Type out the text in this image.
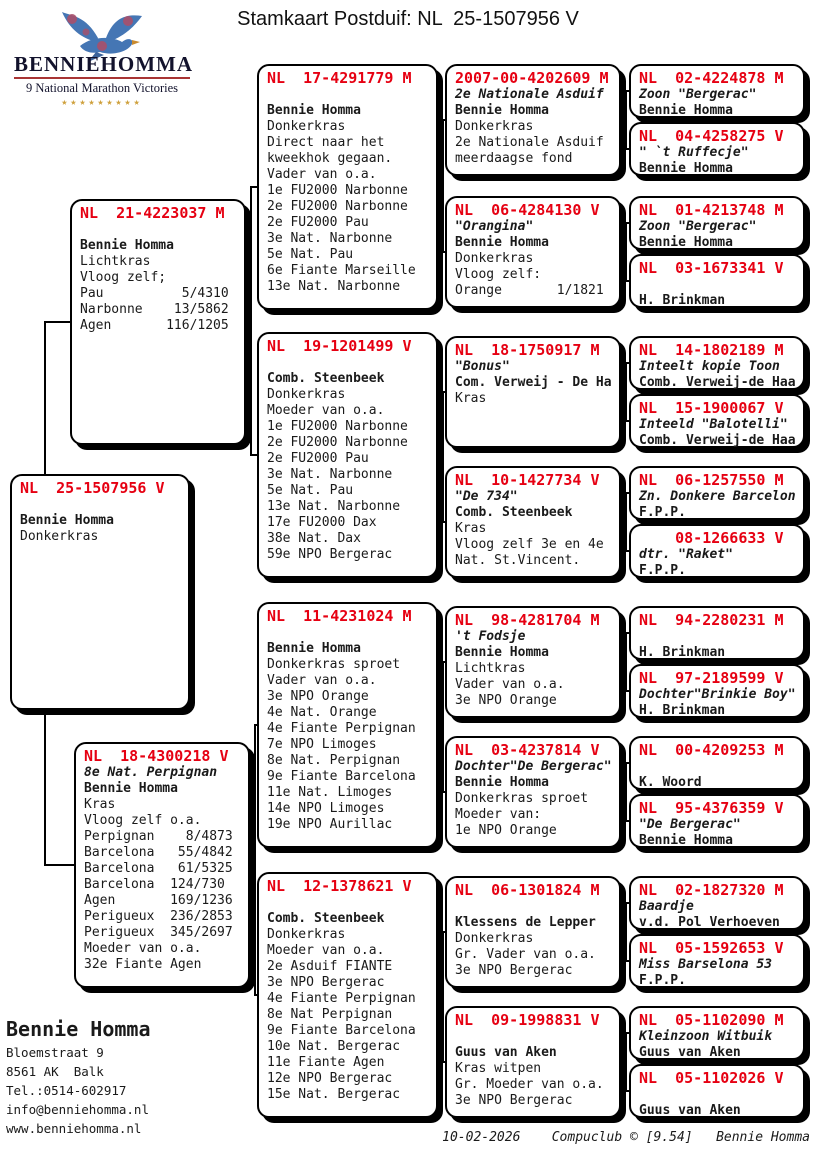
BENNIE HOMMA
9 National Marathon Victories
★★★★★★★★★
Stamkaart Postduif: NL  25-1507956 V
Bennie Homma
Bloemstraat 9
8561 AK  Balk
Tel.:0514-602917
info@benniehomma.nl
www.benniehomma.nl
10-02-2026    Compuclub © [9.54]   Bennie Homma
NL  25-1507956 V
Bennie Homma
Donkerkras
NL  21-4223037 M
Bennie Homma
Lichtkras
Vloog zelf;
Pau          5/4310
Narbonne    13/5862
Agen       116/1205
NL  18-4300218 V
8e Nat. Perpignan
Bennie Homma
Kras
Vloog zelf o.a.
Perpignan    8/4873
Barcelona   55/4842
Barcelona   61/5325
Barcelona  124/730
Agen       169/1236
Perigueux  236/2853
Perigueux  345/2697
Moeder van o.a.
32e Fiante Agen
NL  17-4291779 M
Bennie Homma
Donkerkras
Direct naar het
kweekhok gegaan.
Vader van o.a.
1e FU2000 Narbonne
2e FU2000 Narbonne
2e FU2000 Pau
3e Nat. Narbonne
5e Nat. Pau
6e Fiante Marseille
13e Nat. Narbonne
NL  19-1201499 V
Comb. Steenbeek
Donkerkras
Moeder van o.a.
1e FU2000 Narbonne
2e FU2000 Narbonne
2e FU2000 Pau
3e Nat. Narbonne
5e Nat. Pau
13e Nat. Narbonne
17e FU2000 Dax
38e Nat. Dax
59e NPO Bergerac
NL  11-4231024 M
Bennie Homma
Donkerkras sproet
Vader van o.a.
3e NPO Orange
4e Nat. Orange
4e Fiante Perpignan
7e NPO Limoges
8e Nat. Perpignan
9e Fiante Barcelona
11e Nat. Limoges
14e NPO Limoges
19e NPO Aurillac
NL  12-1378621 V
Comb. Steenbeek
Donkerkras
Moeder van o.a.
2e Asduif FIANTE
3e NPO Bergerac
4e Fiante Perpignan
8e Nat Perpignan
9e Fiante Barcelona
10e Nat. Bergerac
11e Fiante Agen
12e NPO Bergerac
15e Nat. Bergerac
2007-00-4202609 M
2e Nationale Asduif
Bennie Homma
Donkerkras
2e Nationale Asduif
meerdaagse fond
NL  06-4284130 V
"Orangina"
Bennie Homma
Donkerkras
Vloog zelf:
Orange       1/1821
NL  18-1750917 M
"Bonus"
Com. Verweij - De Ha
Kras
NL  10-1427734 V
"De 734"
Comb. Steenbeek
Kras
Vloog zelf 3e en 4e
Nat. St.Vincent.
NL  98-4281704 M
't Fodsje
Bennie Homma
Lichtkras
Vader van o.a.
3e NPO Orange
NL  03-4237814 V
Dochter"De Bergerac"
Bennie Homma
Donkerkras sproet
Moeder van:
1e NPO Orange
NL  06-1301824 M
Klessens de Lepper
Donkerkras
Gr. Vader van o.a.
3e NPO Bergerac
NL  09-1998831 V
Guus van Aken
Kras witpen
Gr. Moeder van o.a.
3e NPO Bergerac
NL  02-4224878 M
Zoon "Bergerac"
Bennie Homma
NL  04-4258275 V
" `t Ruffecje"
Bennie Homma
NL  01-4213748 M
Zoon "Bergerac"
Bennie Homma
NL  03-1673341 V
H. Brinkman
NL  14-1802189 M
Inteelt kopie Toon
Comb. Verweij-de Haa
NL  15-1900067 V
Inteeld "Balotelli"
Comb. Verweij-de Haa
NL  06-1257550 M
Zn. Donkere Barcelon
F.P.P.
08-1266633 V
dtr. "Raket"
F.P.P.
NL  94-2280231 M
H. Brinkman
NL  97-2189599 V
Dochter"Brinkie Boy"
H. Brinkman
NL  00-4209253 M
K. Woord
NL  95-4376359 V
"De Bergerac"
Bennie Homma
NL  02-1827320 M
Baardje
v.d. Pol Verhoeven
NL  05-1592653 V
Miss Barselona 53
F.P.P.
NL  05-1102090 M
Kleinzoon Witbuik
Guus van Aken
NL  05-1102026 V
Guus van Aken
